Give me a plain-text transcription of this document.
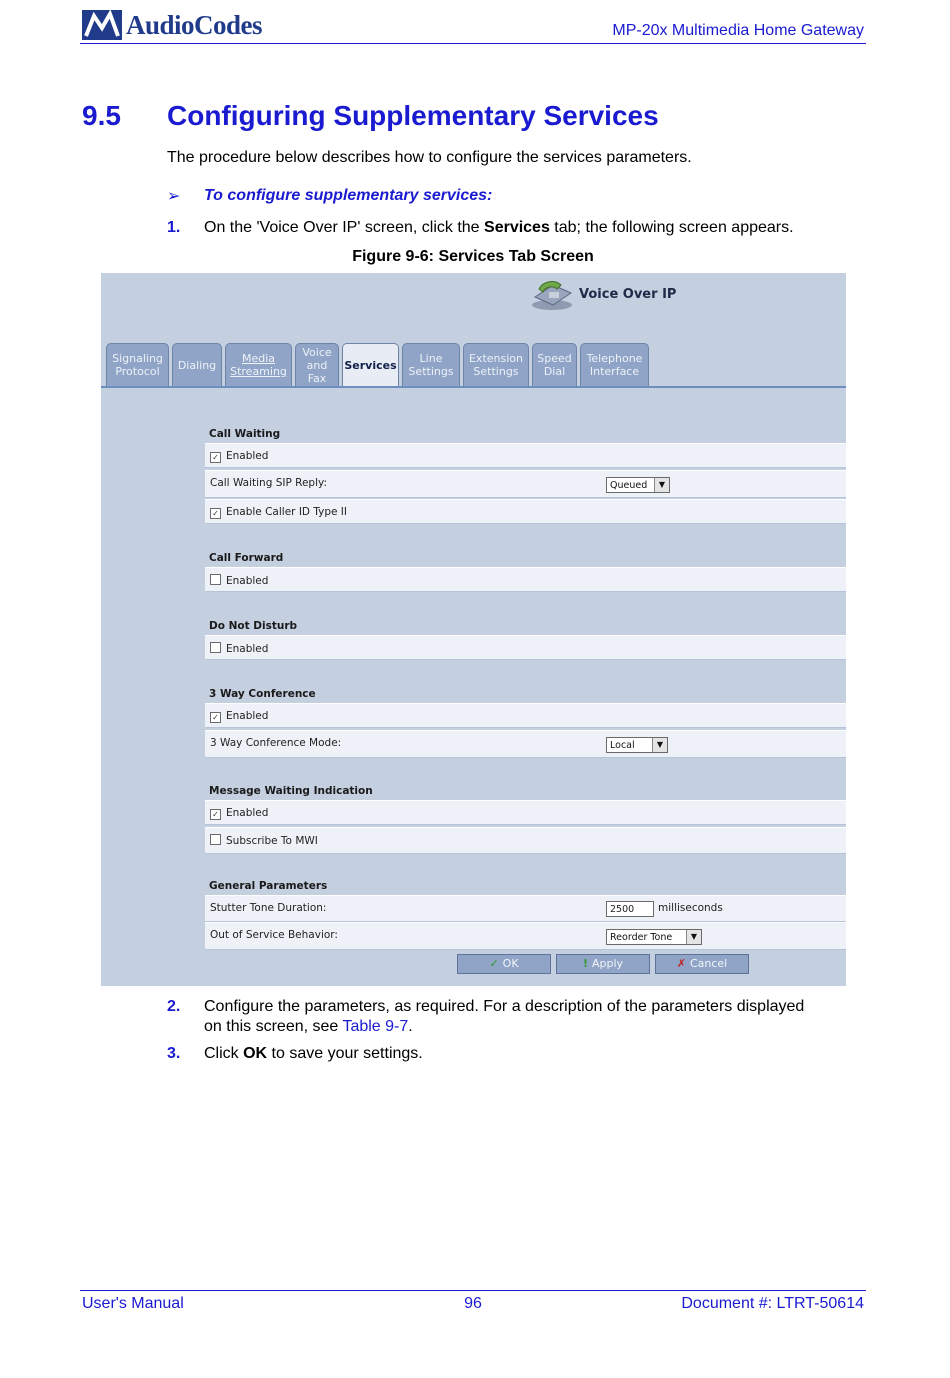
AudioCodes	MP-20x Multimedia Home Gateway
9.5 Configuring Supplementary Services
The procedure below describes how to configure the services parameters.
➢ To configure supplementary services:
1. On the 'Voice Over IP' screen, click the Services tab; the following screen appears.
Figure 9-6: Services Tab Screen
Voice Over IP
Signaling
Protocol	Dialing	Media
Streaming
Voice
and
Fax
Services	Line
Settings
Extension
Settings
Speed
Dial
Telephone
Interface
Call Waiting
✓ Enabled
Call Waiting SIP Reply:	Queued	▼
✓ Enable Caller ID Type II
Call Forward
Enabled
Do Not Disturb
Enabled
3 Way Conference
✓ Enabled
3 Way Conference Mode:	Local	▼
Message Waiting Indication
✓ Enabled
Subscribe To MWI
General Parameters
Stutter Tone Duration:	2500	milliseconds
Out of Service Behavior:	Reorder Tone	▼
✓ OK	! Apply	✗ Cancel
2. Configure the parameters, as required. For a description of the parameters displayed
on this screen, see Table 9-7.
3. Click OK to save your settings.
User's Manual	96	Document #: LTRT-50614
